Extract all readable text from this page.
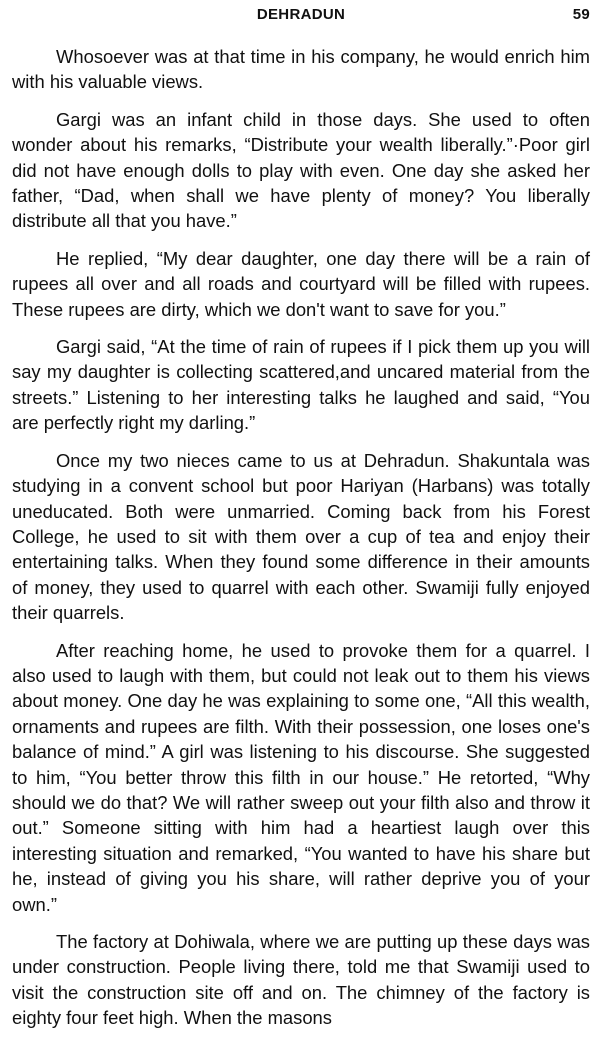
DEHRADUN	59

Whosoever was at that time in his company, he would enrich him with his valuable views.

Gargi was an infant child in those days. She used to often wonder about his remarks, “Distribute your wealth liberally.”·Poor girl did not have enough dolls to play with even. One day she asked her father, “Dad, when shall we have plenty of money? You liberally distribute all that you have.”

He replied, “My dear daughter, one day there will be a rain of rupees all over and all roads and courtyard will be filled with rupees. These rupees are dirty, which we don't want to save for you.”

Gargi said, “At the time of rain of rupees if I pick them up you will say my daughter is collecting scattered,and uncared material from the streets.” Listening to her interesting talks he laughed and said, “You are perfectly right my darling.”

Once my two nieces came to us at Dehradun. Shakuntala was studying in a convent school but poor Hariyan (Harbans) was totally uneducated. Both were unmarried. Coming back from his Forest College, he used to sit with them over a cup of tea and enjoy their entertaining talks. When they found some difference in their amounts of money, they used to quarrel with each other. Swamiji fully enjoyed their quarrels.

After reaching home, he used to provoke them for a quarrel. I also used to laugh with them, but could not leak out to them his views about money. One day he was explaining to some one, “All this wealth, ornaments and rupees are filth. With their possession, one loses one's balance of mind.” A girl was listening to his discourse. She suggested to him, “You better throw this filth in our house.” He retorted, “Why should we do that? We will rather sweep out your filth also and throw it out.” Someone sitting with him had a heartiest laugh over this interesting situation and remarked, “You wanted to have his share but he, instead of giving you his share, will rather deprive you of your own.”

The factory at Dohiwala, where we are putting up these days was under construction. People living there, told me that Swamiji used to visit the construction site off and on. The chimney of the factory is eighty four feet high. When the masons
